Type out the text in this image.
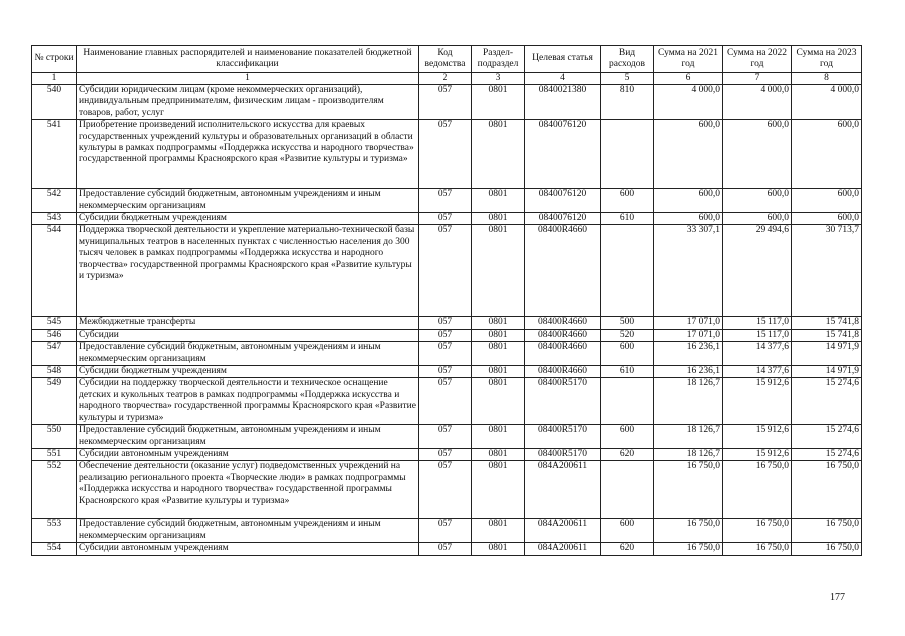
№ строки	Наименование главных распорядителей и наименование показателей бюджетной классификации	Код ведомства	Раздел-подраздел	Целевая статья	Вид расходов	Сумма на 2021 год	Сумма на 2022 год	Сумма на 2023 год
1	1	2	3	4	5	6	7	8
540	Субсидии юридическим лицам (кроме некоммерческих организаций), индивидуальным предпринимателям, физическим лицам - производителям товаров, работ, услуг	057	0801	0840021380	810	4 000,0	4 000,0	4 000,0
541	Приобретение произведений исполнительского искусства для краевых государственных учреждений культуры и образовательных организаций в области культуры в рамках подпрограммы «Поддержка искусства и народного творчества» государственной программы Красноярского края «Развитие культуры и туризма»	057	0801	0840076120		600,0	600,0	600,0
542	Предоставление субсидий бюджетным, автономным учреждениям и иным некоммерческим организациям	057	0801	0840076120	600	600,0	600,0	600,0
543	Субсидии бюджетным учреждениям	057	0801	0840076120	610	600,0	600,0	600,0
544	Поддержка творческой деятельности и укрепление материально-технической базы муниципальных театров в населенных пунктах с численностью населения до 300 тысяч человек в рамках подпрограммы «Поддержка искусства и народного творчества» государственной программы Красноярского края «Развитие культуры и туризма»	057	0801	08400R4660		33 307,1	29 494,6	30 713,7
545	Межбюджетные трансферты	057	0801	08400R4660	500	17 071,0	15 117,0	15 741,8
546	Субсидии	057	0801	08400R4660	520	17 071,0	15 117,0	15 741,8
547	Предоставление субсидий бюджетным, автономным учреждениям и иным некоммерческим организациям	057	0801	08400R4660	600	16 236,1	14 377,6	14 971,9
548	Субсидии бюджетным учреждениям	057	0801	08400R4660	610	16 236,1	14 377,6	14 971,9
549	Субсидии на поддержку творческой деятельности и техническое оснащение детских и кукольных театров в рамках подпрограммы «Поддержка искусства и народного творчества» государственной программы Красноярского края «Развитие культуры и туризма»	057	0801	08400R5170		18 126,7	15 912,6	15 274,6
550	Предоставление субсидий бюджетным, автономным учреждениям и иным некоммерческим организациям	057	0801	08400R5170	600	18 126,7	15 912,6	15 274,6
551	Субсидии автономным учреждениям	057	0801	08400R5170	620	18 126,7	15 912,6	15 274,6
552	Обеспечение деятельности (оказание услуг) подведомственных учреждений на реализацию регионального проекта «Творческие люди» в рамках подпрограммы «Поддержка искусства и народного творчества» государственной программы Красноярского края «Развитие культуры и туризма»	057	0801	084A200611		16 750,0	16 750,0	16 750,0
553	Предоставление субсидий бюджетным, автономным учреждениям и иным некоммерческим организациям	057	0801	084A200611	600	16 750,0	16 750,0	16 750,0
554	Субсидии автономным учреждениям	057	0801	084A200611	620	16 750,0	16 750,0	16 750,0
177
